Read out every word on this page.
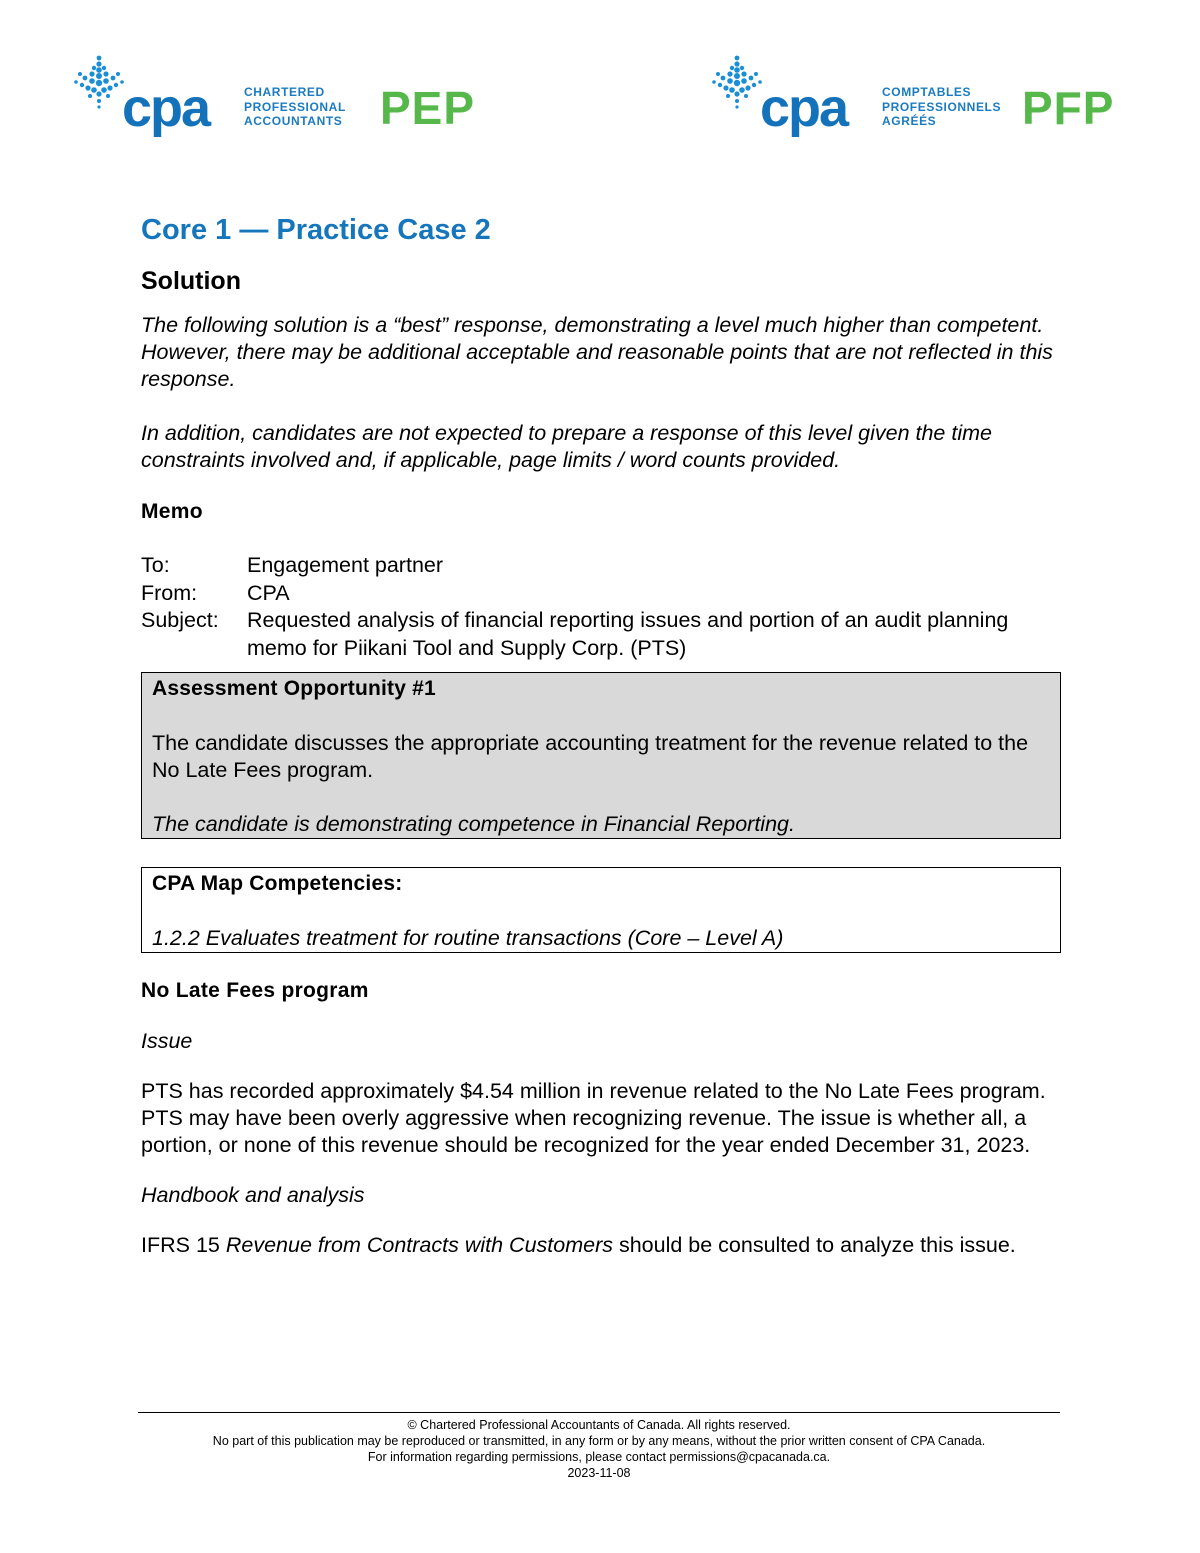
cpa	CHARTERED
PROFESSIONAL
ACCOUNTANTS PEP	cpa	COMPTABLES
PROFESSIONNELS
AGRÉÉS	PFP
Core 1 — Practice Case 2
Solution

The following solution is a “best” response, demonstrating a level much higher than competent. However, there may be additional acceptable and reasonable points that are not reflected in this response.

In addition, candidates are not expected to prepare a response of this level given the time constraints involved and, if applicable, page limits / word counts provided.

Memo
To:	Engagement partner
From:	CPA
Subject:	Requested analysis of financial reporting issues and portion of an audit planning memo for Piikani Tool and Supply Corp. (PTS)
Assessment Opportunity #1

The candidate discusses the appropriate accounting treatment for the revenue related to the No Late Fees program.

The candidate is demonstrating competence in Financial Reporting.

CPA Map Competencies:

1.2.2 Evaluates treatment for routine transactions (Core – Level A)

No Late Fees program

Issue

PTS has recorded approximately $4.54 million in revenue related to the No Late Fees program. PTS may have been overly aggressive when recognizing revenue. The issue is whether all, a portion, or none of this revenue should be recognized for the year ended December 31, 2023.

Handbook and analysis

IFRS 15 Revenue from Contracts with Customers should be consulted to analyze this issue.

© Chartered Professional Accountants of Canada. All rights reserved.
No part of this publication may be reproduced or transmitted, in any form or by any means, without the prior written consent of CPA Canada.
For information regarding permissions, please contact permissions@cpacanada.ca.
2023-11-08
